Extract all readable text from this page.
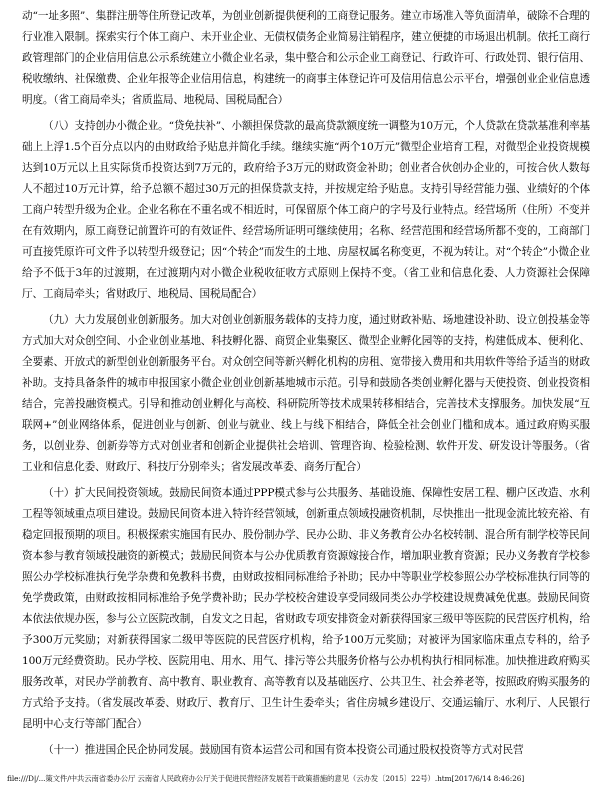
动“一址多照”、集群注册等住所登记改革，为创业创新提供便利的工商登记服务。建立市场准入等负面清单，破除不合理的行业准入限制。探索实行个体工商户、未开业企业、无债权债务企业简易注销程序，建立便捷的市场退出机制。依托工商行政管理部门的企业信用信息公示系统建立小微企业名录，集中整合和公示企业工商登记、行政许可、行政处罚、银行信用、税收缴纳、社保缴费、企业年报等企业信用信息，构建统一的商事主体登记许可及信用信息公示平台，增强创业企业信息透明度。（省工商局牵头；省质监局、地税局、国税局配合）

（八）支持创办小微企业。“贷免扶补”、小额担保贷款的最高贷款额度统一调整为10万元，个人贷款在贷款基准利率基础上上浮1.5个百分点以内的由财政给予贴息并简化手续。继续实施“两个10万元”微型企业培育工程，对微型企业投资规模达到10万元以上且实际货币投资达到7万元的，政府给予3万元的财政资金补助；创业者合伙创办企业的，可按合伙人数每人不超过10万元计算，给予总额不超过30万元的担保贷款支持，并按规定给予贴息。支持引导经营能力强、业绩好的个体工商户转型升级为企业。企业名称在不重名或不相近时，可保留原个体工商户的字号及行业特点。经营场所（住所）不变并在有效期内，原工商登记前置许可的有效证件、经营场所证明可继续使用；名称、经营范围和经营场所都不变的，工商部门可直接凭原许可文件予以转型升级登记；因“个转企”而发生的土地、房屋权属名称变更，不视为转让。对“个转企”小微企业给予不低于3年的过渡期，在过渡期内对小微企业税收征收方式原则上保持不变。（省工业和信息化委、人力资源社会保障厅、工商局牵头；省财政厅、地税局、国税局配合）

（九）大力发展创业创新服务。加大对创业创新服务载体的支持力度，通过财政补贴、场地建设补助、设立创投基金等方式加大对众创空间、小企业创业基地、科技孵化器、商贸企业集聚区、微型企业孵化园等的支持，构建低成本、便利化、全要素、开放式的新型创业创新服务平台。对众创空间等新兴孵化机构的房租、宽带接入费用和共用软件等给予适当的财政补助。支持具备条件的城市申报国家小微企业创业创新基地城市示范。引导和鼓励各类创业孵化器与天使投资、创业投资相结合，完善投融资模式。引导和推动创业孵化与高校、科研院所等技术成果转移相结合，完善技术支撑服务。加快发展“互联网+”创业网络体系，促进创业与创新、创业与就业、线上与线下相结合，降低全社会创业门槛和成本。通过政府购买服务，以创业券、创新券等方式对创业者和创新企业提供社会培训、管理咨询、检验检测、软件开发、研发设计等服务。（省工业和信息化委、财政厅、科技厅分别牵头；省发展改革委、商务厅配合）

（十）扩大民间投资领域。鼓励民间资本通过PPP模式参与公共服务、基础设施、保障性安居工程、棚户区改造、水利工程等领域重点项目建设。鼓励民间资本进入特许经营领域，创新重点领域投融资机制，尽快推出一批现金流比较充裕、有稳定回报预期的项目。积极探索实施国有民办、股份制办学、民办公助、非义务教育公办名校转制、混合所有制学校等民间资本参与教育领域投融资的新模式；鼓励民间资本与公办优质教育资源嫁接合作，增加职业教育资源；民办义务教育学校参照公办学校标准执行免学杂费和免教科书费，由财政按相同标准给予补助；民办中等职业学校参照公办学校标准执行同等的免学费政策，由财政按相同标准给予免学费补助；民办学校校舍建设享受同级同类公办学校建设规费减免优惠。鼓励民间资本依法依规办医，参与公立医院改制，自发文之日起，省财政专项安排资金对新获得国家三级甲等医院的民营医疗机构，给予300万元奖励；对新获得国家二级甲等医院的民营医疗机构，给予100万元奖励；对被评为国家临床重点专科的，给予100万元经费资助。民办学校、医院用电、用水、用气、排污等公共服务价格与公办机构执行相同标准。加快推进政府购买服务改革，对民办学前教育、高中教育、职业教育、高等教育以及基础医疗、公共卫生、社会养老等，按照政府购买服务的方式给予支持。（省发展改革委、财政厅、教育厅、卫生计生委牵头；省住房城乡建设厅、交通运输厅、水利厅、人民银行昆明中心支行等部门配合）

（十一）推进国企民企协同发展。鼓励国有资本运营公司和国有资本投资公司通过股权投资等方式对民营

file:///D|/...策文件/中共云南省委办公厅 云南省人民政府办公厅关于促进民营经济发展若干政策措施的意见（云办发〔2015〕22号）.htm[2017/6/14 8:46:26]
